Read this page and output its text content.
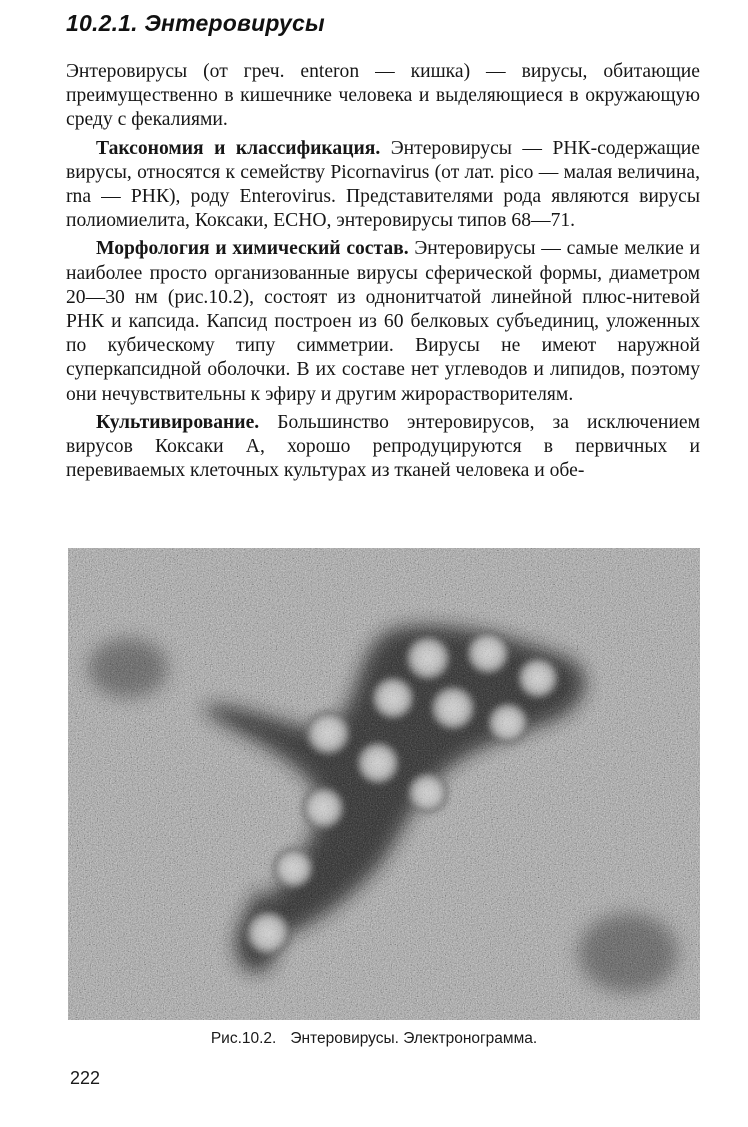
10.2.1. Энтеровирусы

Энтеровирусы (от греч. enteron — кишка) — вирусы, обитающие преимущественно в кишечнике человека и выделяющиеся в окружающую среду с фекалиями.

Таксономия и классификация. Энтеровирусы — РНК-содержащие вирусы, относятся к семейству Picornavirus (от лат. pico — малая величина, rna — РНК), роду Enterovirus. Представителями рода являются вирусы полиомиелита, Коксаки, ЕСНО, энтеровирусы типов 68—71.

Морфология и химический состав. Энтеровирусы — самые мелкие и наиболее просто организованные вирусы сферической формы, диаметром 20—30 нм (рис.10.2), состоят из однонитчатой линейной плюс-нитевой РНК и капсида. Капсид построен из 60 белковых субъединиц, уложенных по кубическому типу симметрии. Вирусы не имеют наружной суперкапсидной оболочки. В их составе нет углеводов и липидов, поэтому они нечувствительны к эфиру и другим жирорастворителям.

Культивирование. Большинство энтеровирусов, за исключением вирусов Коксаки А, хорошо репродуцируются в первичных и перевиваемых клеточных культурах из тканей человека и обе-

Рис.10.2. Энтеровирусы. Электронограмма.
222
